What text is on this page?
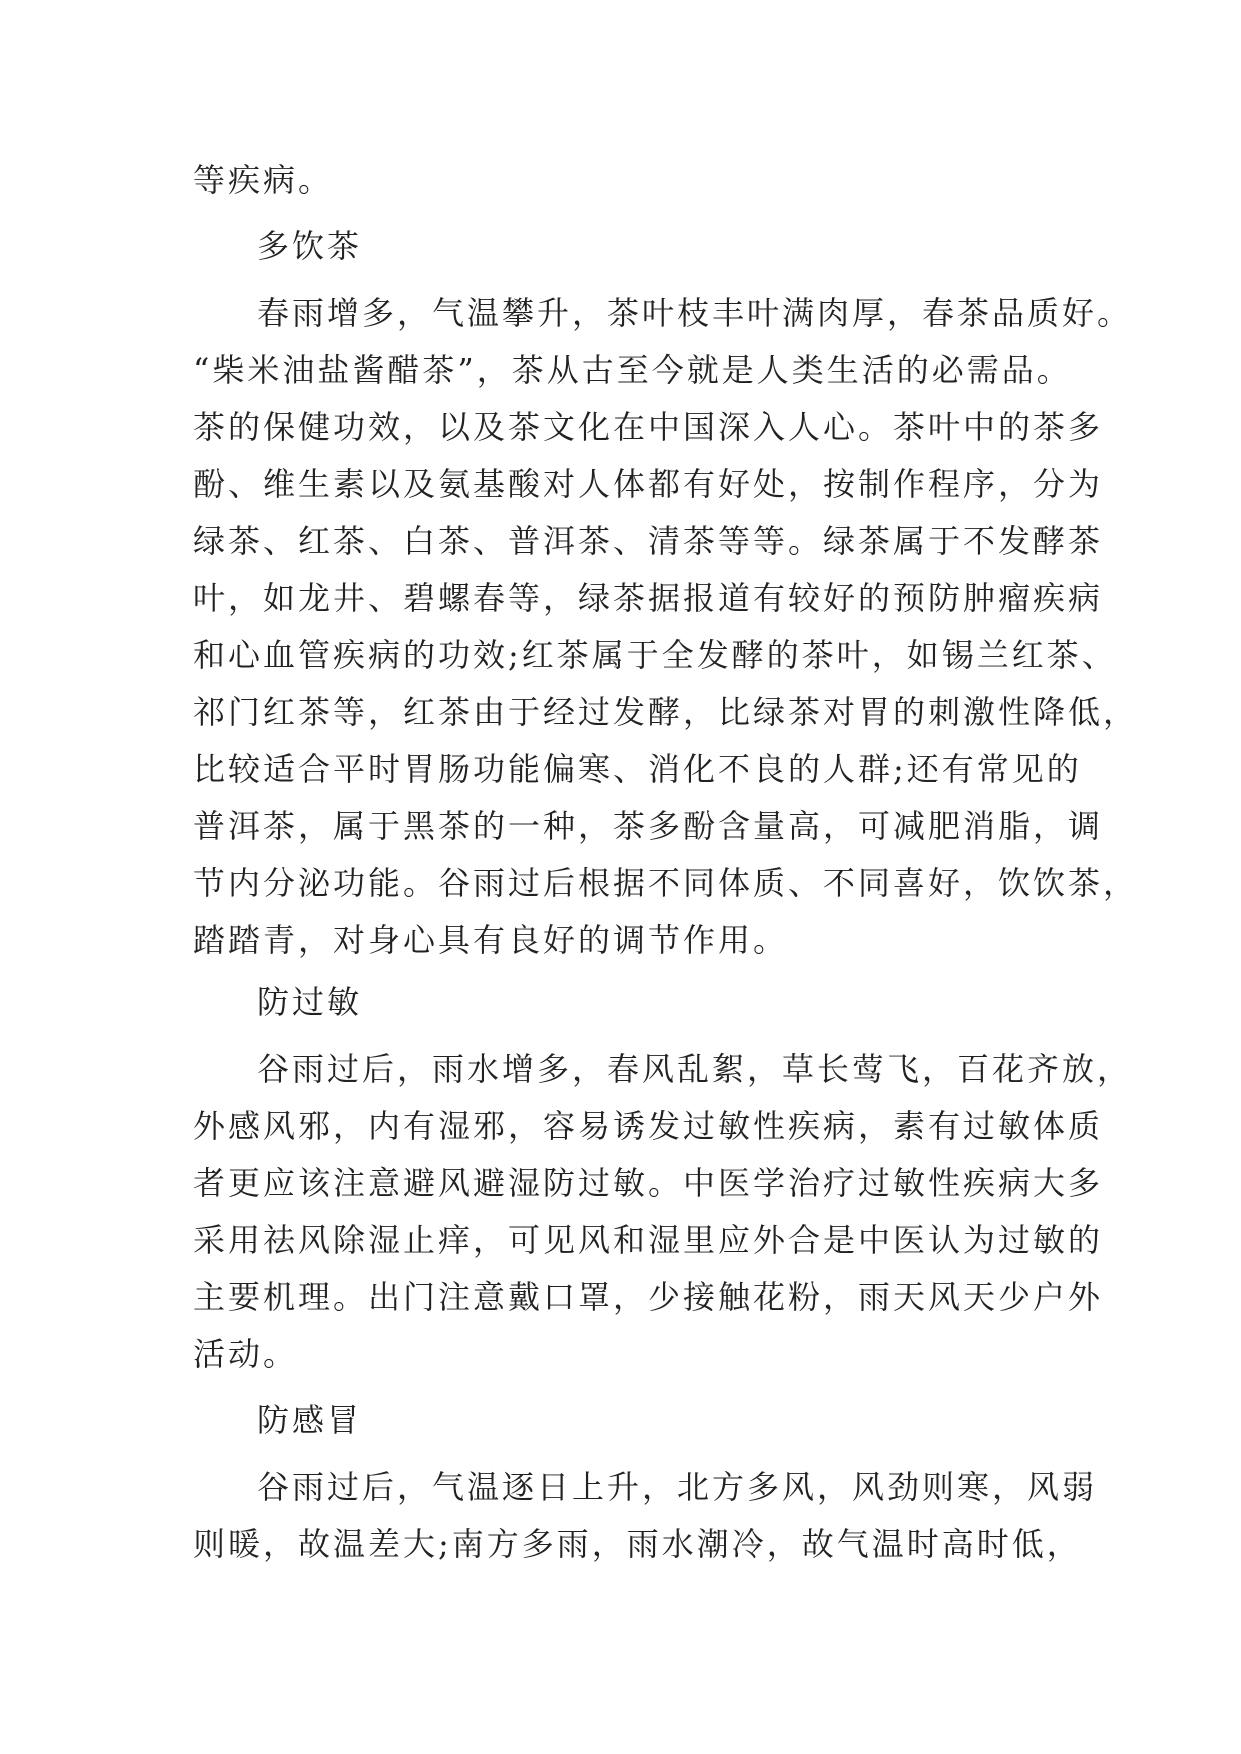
等疾病。
多饮茶
春雨增多，气温攀升，茶叶枝丰叶满肉厚，春茶品质好。
“柴米油盐酱醋茶”，茶从古至今就是人类生活的必需品。
茶的保健功效，以及茶文化在中国深入人心。茶叶中的茶多
酚、维生素以及氨基酸对人体都有好处，按制作程序，分为
绿茶、红茶、白茶、普洱茶、清茶等等。绿茶属于不发酵茶
叶，如龙井、碧螺春等，绿茶据报道有较好的预防肿瘤疾病
和心血管疾病的功效;红茶属于全发酵的茶叶，如锡兰红茶、
祁门红茶等，红茶由于经过发酵，比绿茶对胃的刺激性降低，
比较适合平时胃肠功能偏寒、消化不良的人群;还有常见的
普洱茶，属于黑茶的一种，茶多酚含量高，可减肥消脂，调
节内分泌功能。谷雨过后根据不同体质、不同喜好，饮饮茶，
踏踏青，对身心具有良好的调节作用。
防过敏
谷雨过后，雨水增多，春风乱絮，草长莺飞，百花齐放，
外感风邪，内有湿邪，容易诱发过敏性疾病，素有过敏体质
者更应该注意避风避湿防过敏。中医学治疗过敏性疾病大多
采用祛风除湿止痒，可见风和湿里应外合是中医认为过敏的
主要机理。出门注意戴口罩，少接触花粉，雨天风天少户外
活动。
防感冒
谷雨过后，气温逐日上升，北方多风，风劲则寒，风弱
则暖，故温差大;南方多雨，雨水潮冷，故气温时高时低，
